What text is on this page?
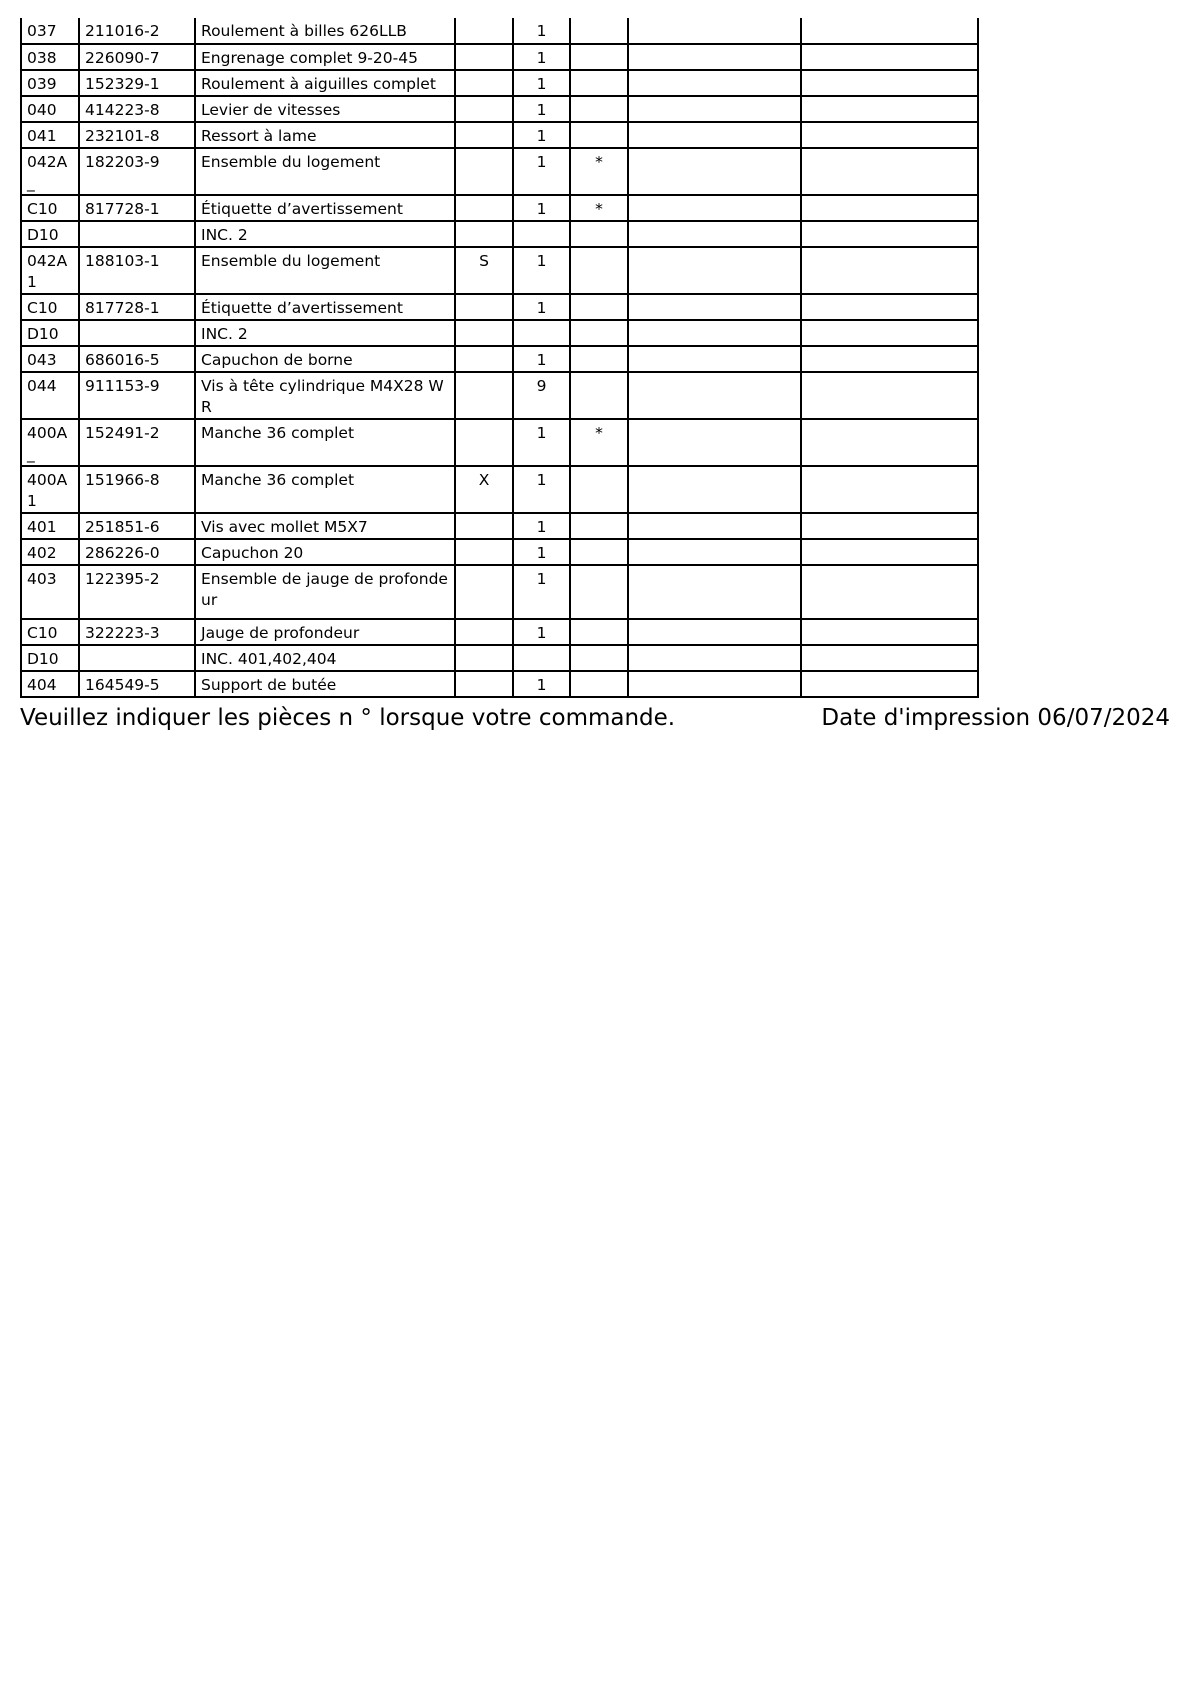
037	211016-2	Roulement à billes 626LLB		1			
038	226090-7	Engrenage complet 9-20-45		1			
039	152329-1	Roulement à aiguilles complet		1			
040	414223-8	Levier de vitesses		1			
041	232101-8	Ressort à lame		1			
042A_	182203-9	Ensemble du logement		1	*		
C10	817728-1	Étiquette d’avertissement		1	*		
D10		INC. 2					
042A1	188103-1	Ensemble du logement	S	1			
C10	817728-1	Étiquette d’avertissement		1			
D10		INC. 2					
043	686016-5	Capuchon de borne		1			
044	911153-9	Vis à tête cylindrique M4X28 WR		9			
400A_	152491-2	Manche 36 complet		1	*		
400A1	151966-8	Manche 36 complet	X	1			
401	251851-6	Vis avec mollet M5X7		1			
402	286226-0	Capuchon 20		1			
403	122395-2	Ensemble de jauge de profondeur		1			
C10	322223-3	Jauge de profondeur		1			
D10		INC. 401,402,404					
404	164549-5	Support de butée		1			
Veuillez indiquer les pièces n ° lorsque votre commande.	Date d'impression 06/07/2024
